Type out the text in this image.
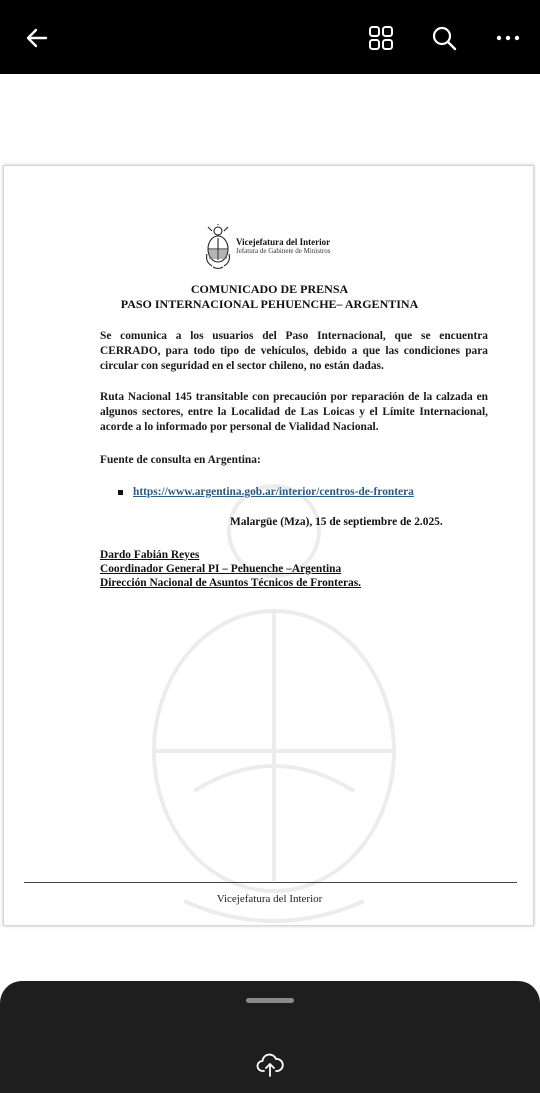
Vicejefatura del Interior
Jefatura de Gabinete de Ministros
COMUNICADO DE PRENSA
PASO INTERNACIONAL PEHUENCHE– ARGENTINA

Se comunica a los usuarios del Paso Internacional, que se encuentra CERRADO, para todo tipo de vehículos, debido a que las condiciones para circular con seguridad en el sector chileno, no están dadas.

Ruta Nacional 145 transitable con precaución por reparación de la calzada en algunos sectores, entre la Localidad de Las Loicas y el Límite Internacional, acorde a lo informado por personal de Vialidad Nacional.

Fuente de consulta en Argentina:

https://www.argentina.gob.ar/interior/centros-de-frontera
Malargüe (Mza), 15 de septiembre de 2.025.
Dardo Fabián Reyes
Coordinador General PI – Pehuenche –Argentina
Dirección Nacional de Asuntos Técnicos de Fronteras.
Vicejefatura del Interior
